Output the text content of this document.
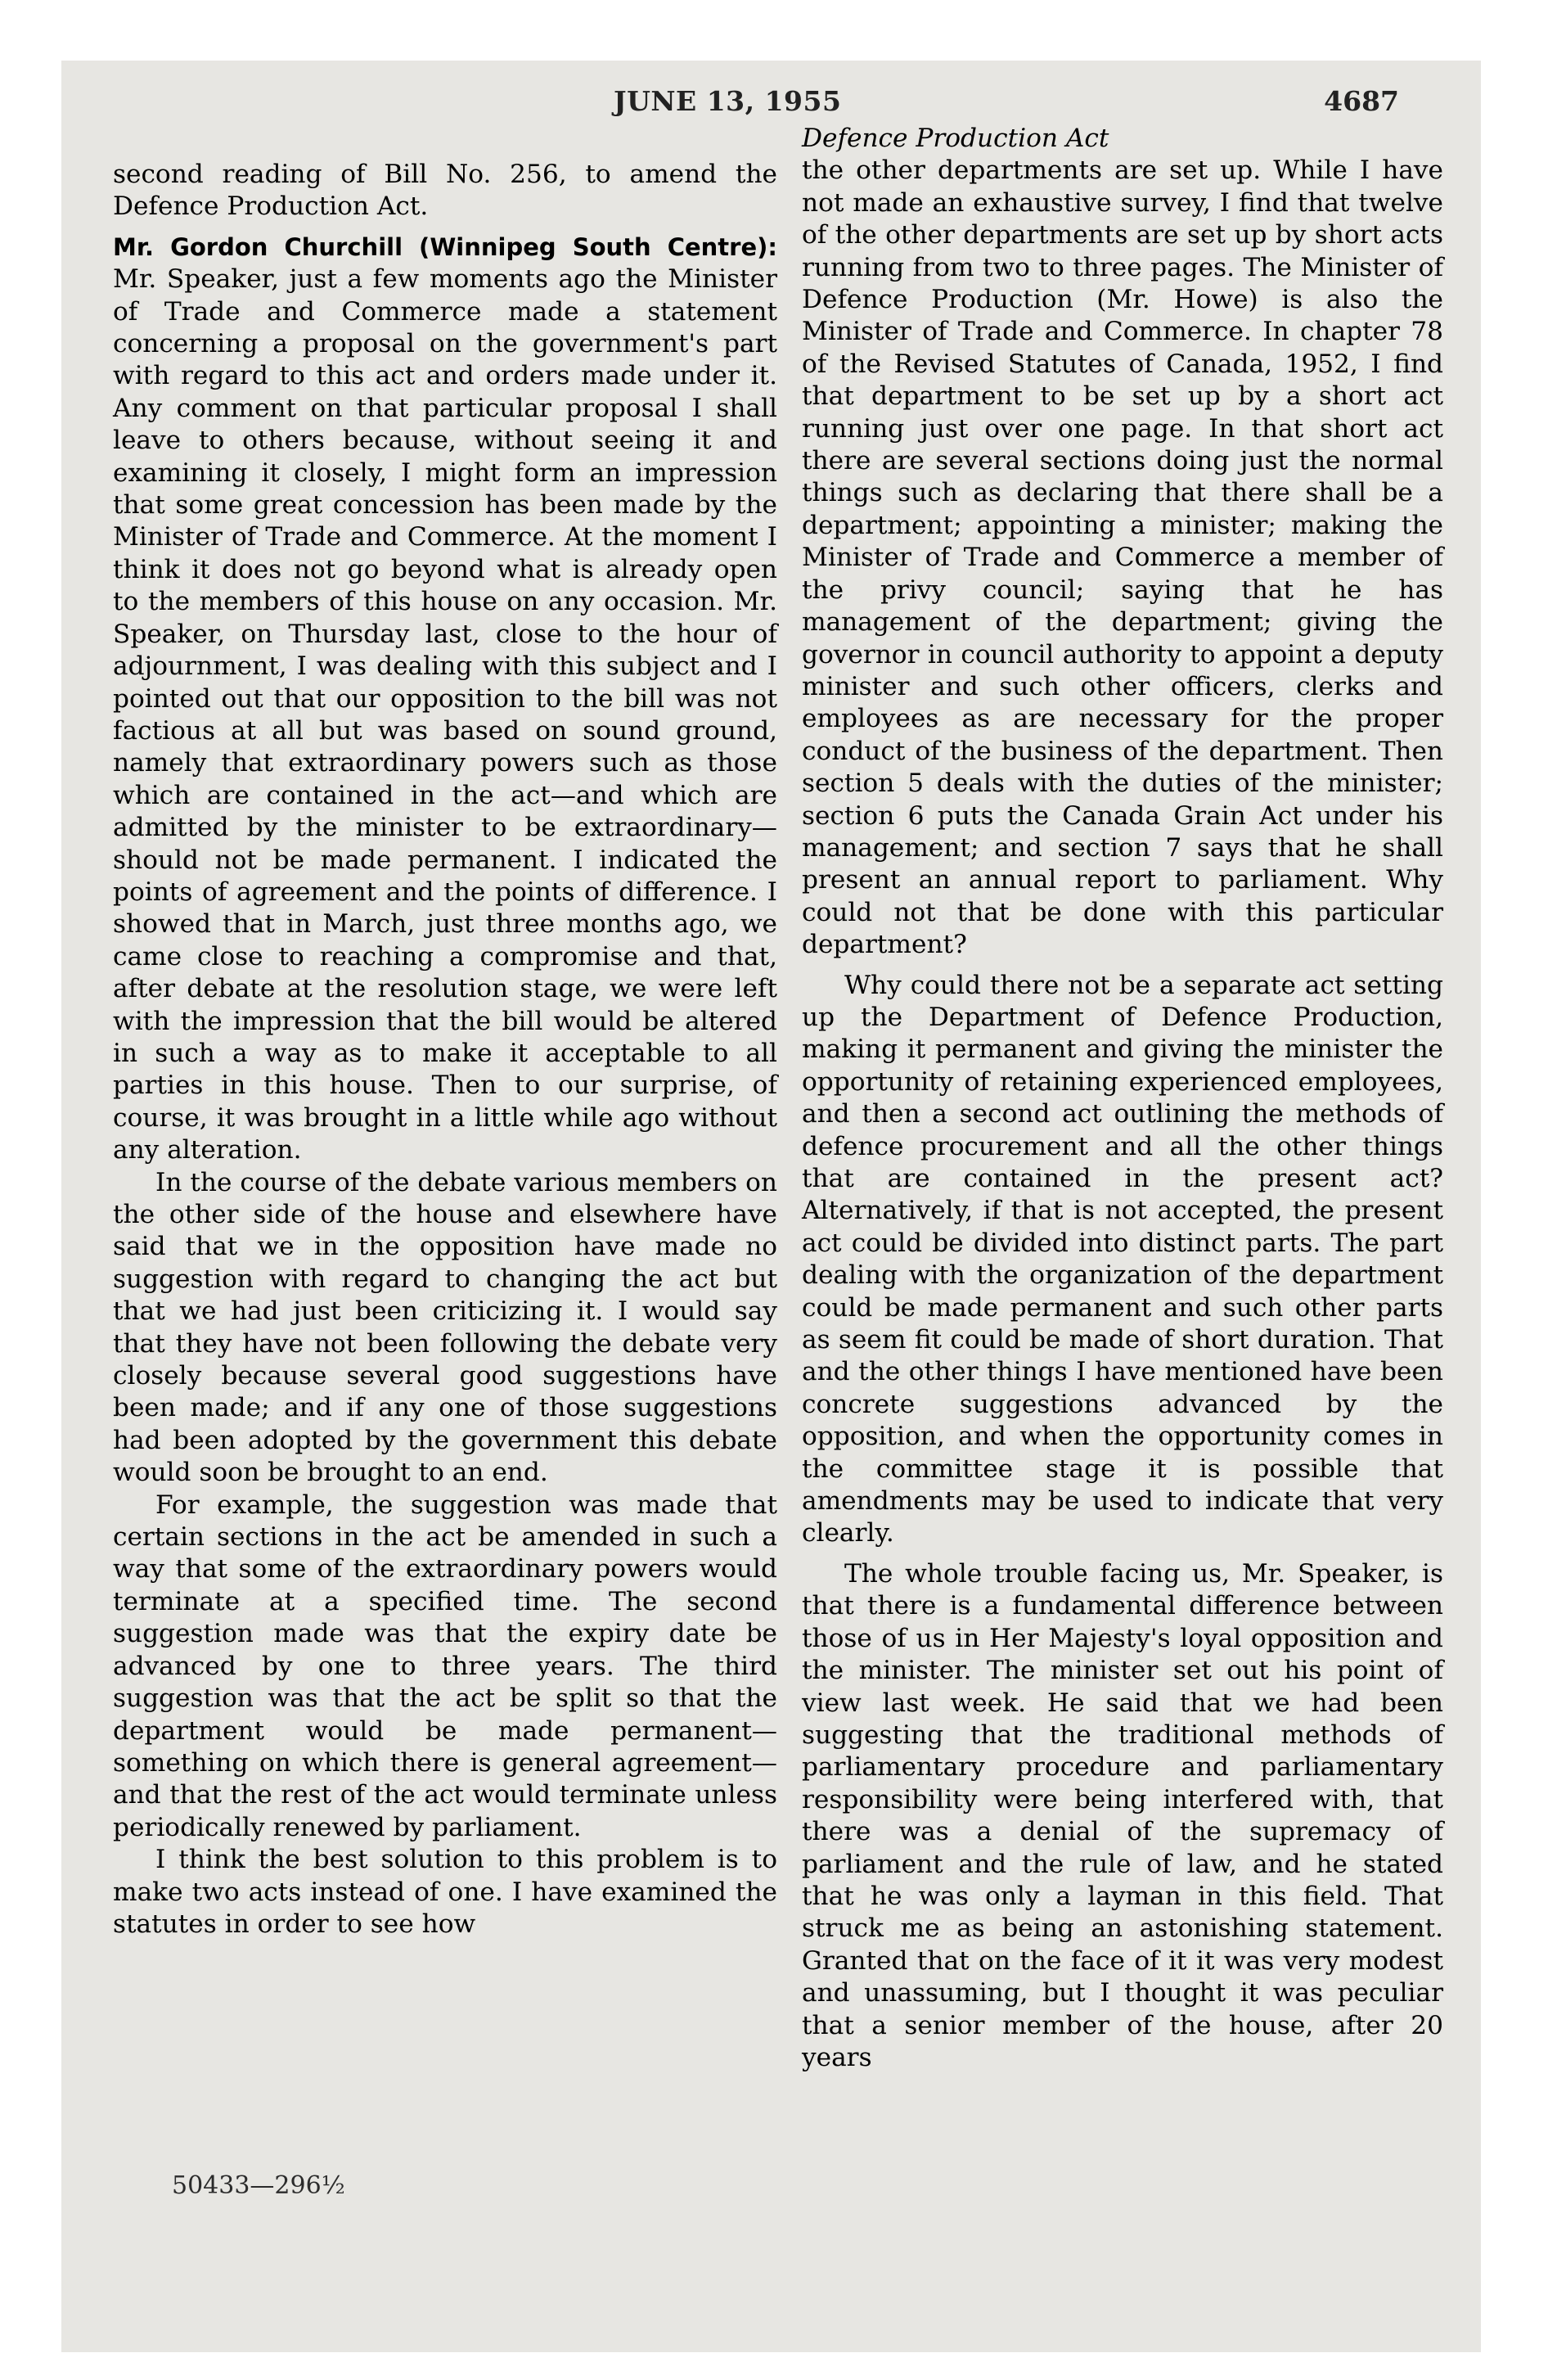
JUNE 13, 1955	4687

second reading of Bill No. 256, to amend the Defence Production Act.

Mr. Gordon Churchill (Winnipeg South Centre): Mr. Speaker, just a few moments ago the Minister of Trade and Commerce made a statement concerning a proposal on the government's part with regard to this act and orders made under it. Any comment on that particular proposal I shall leave to others because, without seeing it and examining it closely, I might form an impression that some great concession has been made by the Minister of Trade and Commerce. At the moment I think it does not go beyond what is already open to the members of this house on any occasion. Mr. Speaker, on Thursday last, close to the hour of adjournment, I was dealing with this subject and I pointed out that our opposition to the bill was not factious at all but was based on sound ground, namely that extraordinary powers such as those which are contained in the act—and which are admitted by the minister to be extraordinary—should not be made permanent. I indicated the points of agreement and the points of difference. I showed that in March, just three months ago, we came close to reaching a compromise and that, after debate at the resolution stage, we were left with the impression that the bill would be altered in such a way as to make it acceptable to all parties in this house. Then to our surprise, of course, it was brought in a little while ago without any alteration.

In the course of the debate various members on the other side of the house and elsewhere have said that we in the opposition have made no suggestion with regard to changing the act but that we had just been criticizing it. I would say that they have not been following the debate very closely because several good suggestions have been made; and if any one of those suggestions had been adopted by the government this debate would soon be brought to an end.

For example, the suggestion was made that certain sections in the act be amended in such a way that some of the extraordinary powers would terminate at a specified time. The second suggestion made was that the expiry date be advanced by one to three years. The third suggestion was that the act be split so that the department would be made permanent—something on which there is general agreement—and that the rest of the act would terminate unless periodically renewed by parliament.

I think the best solution to this problem is to make two acts instead of one. I have examined the statutes in order to see how

Defence Production Act

the other departments are set up. While I have not made an exhaustive survey, I find that twelve of the other departments are set up by short acts running from two to three pages. The Minister of Defence Production (Mr. Howe) is also the Minister of Trade and Commerce. In chapter 78 of the Revised Statutes of Canada, 1952, I find that department to be set up by a short act running just over one page. In that short act there are several sections doing just the normal things such as declaring that there shall be a department; appointing a minister; making the Minister of Trade and Commerce a member of the privy council; saying that he has management of the department; giving the governor in council authority to appoint a deputy minister and such other officers, clerks and employees as are necessary for the proper conduct of the business of the department. Then section 5 deals with the duties of the minister; section 6 puts the Canada Grain Act under his management; and section 7 says that he shall present an annual report to parliament. Why could not that be done with this particular department?

Why could there not be a separate act setting up the Department of Defence Production, making it permanent and giving the minister the opportunity of retaining experienced employees, and then a second act outlining the methods of defence procurement and all the other things that are contained in the present act? Alternatively, if that is not accepted, the present act could be divided into distinct parts. The part dealing with the organization of the department could be made permanent and such other parts as seem fit could be made of short duration. That and the other things I have mentioned have been concrete suggestions advanced by the opposition, and when the opportunity comes in the committee stage it is possible that amendments may be used to indicate that very clearly.

The whole trouble facing us, Mr. Speaker, is that there is a fundamental difference between those of us in Her Majesty's loyal opposition and the minister. The minister set out his point of view last week. He said that we had been suggesting that the traditional methods of parliamentary procedure and parliamentary responsibility were being interfered with, that there was a denial of the supremacy of parliament and the rule of law, and he stated that he was only a layman in this field. That struck me as being an astonishing statement. Granted that on the face of it it was very modest and unassuming, but I thought it was peculiar that a senior member of the house, after 20 years

50433—296½
